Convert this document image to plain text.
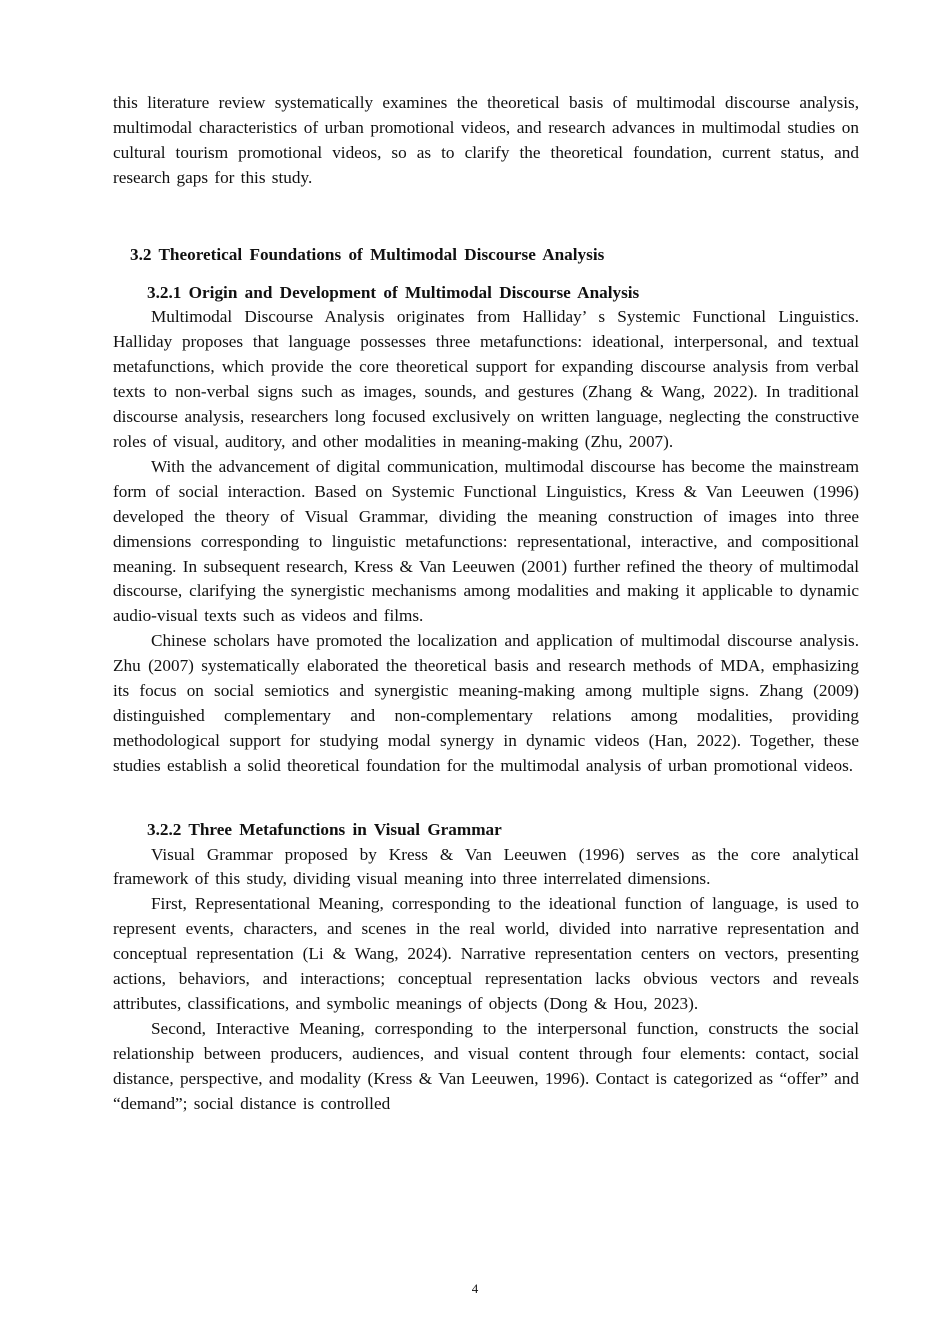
this literature review systematically examines the theoretical basis of multimodal discourse analysis, multimodal characteristics of urban promotional videos, and research advances in multimodal studies on cultural tourism promotional videos, so as to clarify the theoretical foundation, current status, and research gaps for this study.

3.2 Theoretical Foundations of Multimodal Discourse Analysis
3.2.1 Origin and Development of Multimodal Discourse Analysis

Multimodal Discourse Analysis originates from Halliday’ s Systemic Functional Linguistics. Halliday proposes that language possesses three metafunctions: ideational, interpersonal, and textual metafunctions, which provide the core theoretical support for expanding discourse analysis from verbal texts to non-verbal signs such as images, sounds, and gestures (Zhang & Wang, 2022). In traditional discourse analysis, researchers long focused exclusively on written language, neglecting the constructive roles of visual, auditory, and other modalities in meaning-making (Zhu, 2007).

With the advancement of digital communication, multimodal discourse has become the mainstream form of social interaction. Based on Systemic Functional Linguistics, Kress & Van Leeuwen (1996) developed the theory of Visual Grammar, dividing the meaning construction of images into three dimensions corresponding to linguistic metafunctions: representational, interactive, and compositional meaning. In subsequent research, Kress & Van Leeuwen (2001) further refined the theory of multimodal discourse, clarifying the synergistic mechanisms among modalities and making it applicable to dynamic audio-visual texts such as videos and films.

Chinese scholars have promoted the localization and application of multimodal discourse analysis. Zhu (2007) systematically elaborated the theoretical basis and research methods of MDA, emphasizing its focus on social semiotics and synergistic meaning-making among multiple signs. Zhang (2009) distinguished complementary and non-complementary relations among modalities, providing methodological support for studying modal synergy in dynamic videos (Han, 2022). Together, these studies establish a solid theoretical foundation for the multimodal analysis of urban promotional videos.

3.2.2 Three Metafunctions in Visual Grammar

Visual Grammar proposed by Kress & Van Leeuwen (1996) serves as the core analytical framework of this study, dividing visual meaning into three interrelated dimensions.

First, Representational Meaning, corresponding to the ideational function of language, is used to represent events, characters, and scenes in the real world, divided into narrative representation and conceptual representation (Li & Wang, 2024). Narrative representation centers on vectors, presenting actions, behaviors, and interactions; conceptual representation lacks obvious vectors and reveals attributes, classifications, and symbolic meanings of objects (Dong & Hou, 2023).

Second, Interactive Meaning, corresponding to the interpersonal function, constructs the social relationship between producers, audiences, and visual content through four elements: contact, social distance, perspective, and modality (Kress & Van Leeuwen, 1996). Contact is categorized as “offer” and “demand”; social distance is controlled

4
